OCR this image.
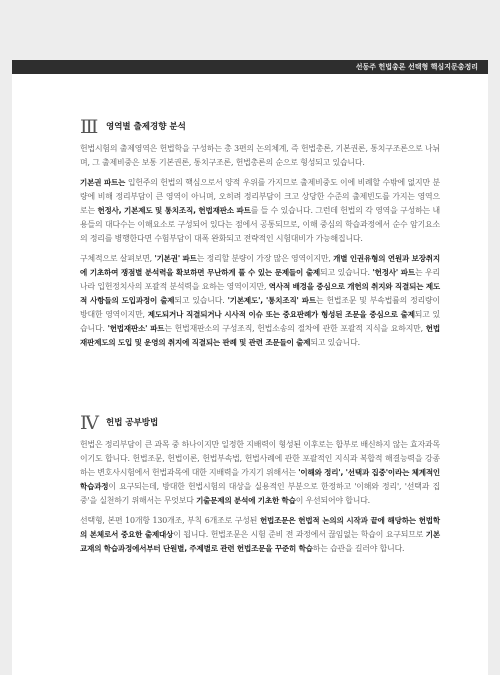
선동주 헌법총론 선택형 핵심지문총정리
Ⅲ	영역별 출제경향 분석

헌법시험의 출제영역은 헌법학을 구성하는 총 3편의 논의체계, 즉 헌법총론, 기본권론, 통치구조론으로 나뉘며, 그 출제비중은 보통 기본권론, 통치구조론, 헌법총론의 순으로 형성되고 있습니다.

기본권 파트는 입헌주의 헌법의 핵심으로서 양적 우위를 가지므로 출제비중도 이에 비례할 수밖에 없지만 분량에 비해 정리부담이 큰 영역이 아니며, 오히려 정리부담이 크고 상당한 수준의 출제빈도를 가지는 영역으로는 헌정사, 기본제도 및 통치조직, 헌법재판소 파트를 들 수 있습니다. 그런데 헌법의 각 영역을 구성하는 내용들의 대다수는 이해요소로 구성되어 있다는 점에서 공통되므로, 이해 중심의 학습과정에서 순수 암기요소의 정리를 병행한다면 수험부담이 대폭 완화되고 전략적인 시험대비가 가능해집니다.

구체적으로 살펴보면, '기본권' 파트는 정리할 분량이 가장 많은 영역이지만, 개별 인권유형의 연원과 보장취지에 기초하여 쟁점별 분석력을 확보하면 무난하게 풀 수 있는 문제들이 출제되고 있습니다. '헌정사' 파트는 우리나라 입헌정치사의 포괄적 분석력을 요하는 영역이지만, 역사적 배경을 중심으로 개헌의 취지와 직결되는 제도적 사항들의 도입과정이 출제되고 있습니다. '기본제도', '통치조직' 파트는 헌법조문 및 부속법률의 정리량이 방대한 영역이지만, 제도되거나 직결되거나 시사적 이슈 또는 중요판례가 형성된 조문을 중심으로 출제되고 있습니다. '헌법재판소' 파트는 헌법재판소의 구성조직, 헌법소송의 절차에 관한 포괄적 지식을 요하지만, 헌법재판제도의 도입 및 운영의 취지에 직결되는 판례 및 관련 조문들이 출제되고 있습니다.

Ⅳ 헌법 공부방법

헌법은 정리부담이 큰 과목 중 하나이지만 일정한 지배력이 형성된 이후로는 합부로 배신하지 않는 효자과목이기도 합니다. 헌법조문, 헌법이론, 헌법부속법, 헌법사례에 관한 포괄적인 지식과 복합적 해결능력을 강종하는 변호사시험에서 헌법과목에 대한 지배력을 가지기 위해서는 '이해와 정리', '선택과 집중'이라는 체계적인 학습과정이 요구되는데, 방대한 헌법시험의 대상을 실용적인 부분으로 한정하고 '이해와 정리', '선택과 집중'을 실천하기 위해서는 무엇보다 기출문제의 분석에 기초한 학습이 우선되어야 합니다.

선택형, 본편 10개항 130개조, 부칙 6개조로 구성된 헌법조문은 헌법적 논의의 시작과 끝에 해당하는 헌법학의 본체로서 중요한 출제대상이 됩니다. 헌법조문은 시험 준비 전 과정에서 끊임없는 학습이 요구되므로 기본교재의 학습과정에서부터 단원별, 주제별로 관련 헌법조문을 꾸준히 학습하는 습관을 길러야 합니다.
